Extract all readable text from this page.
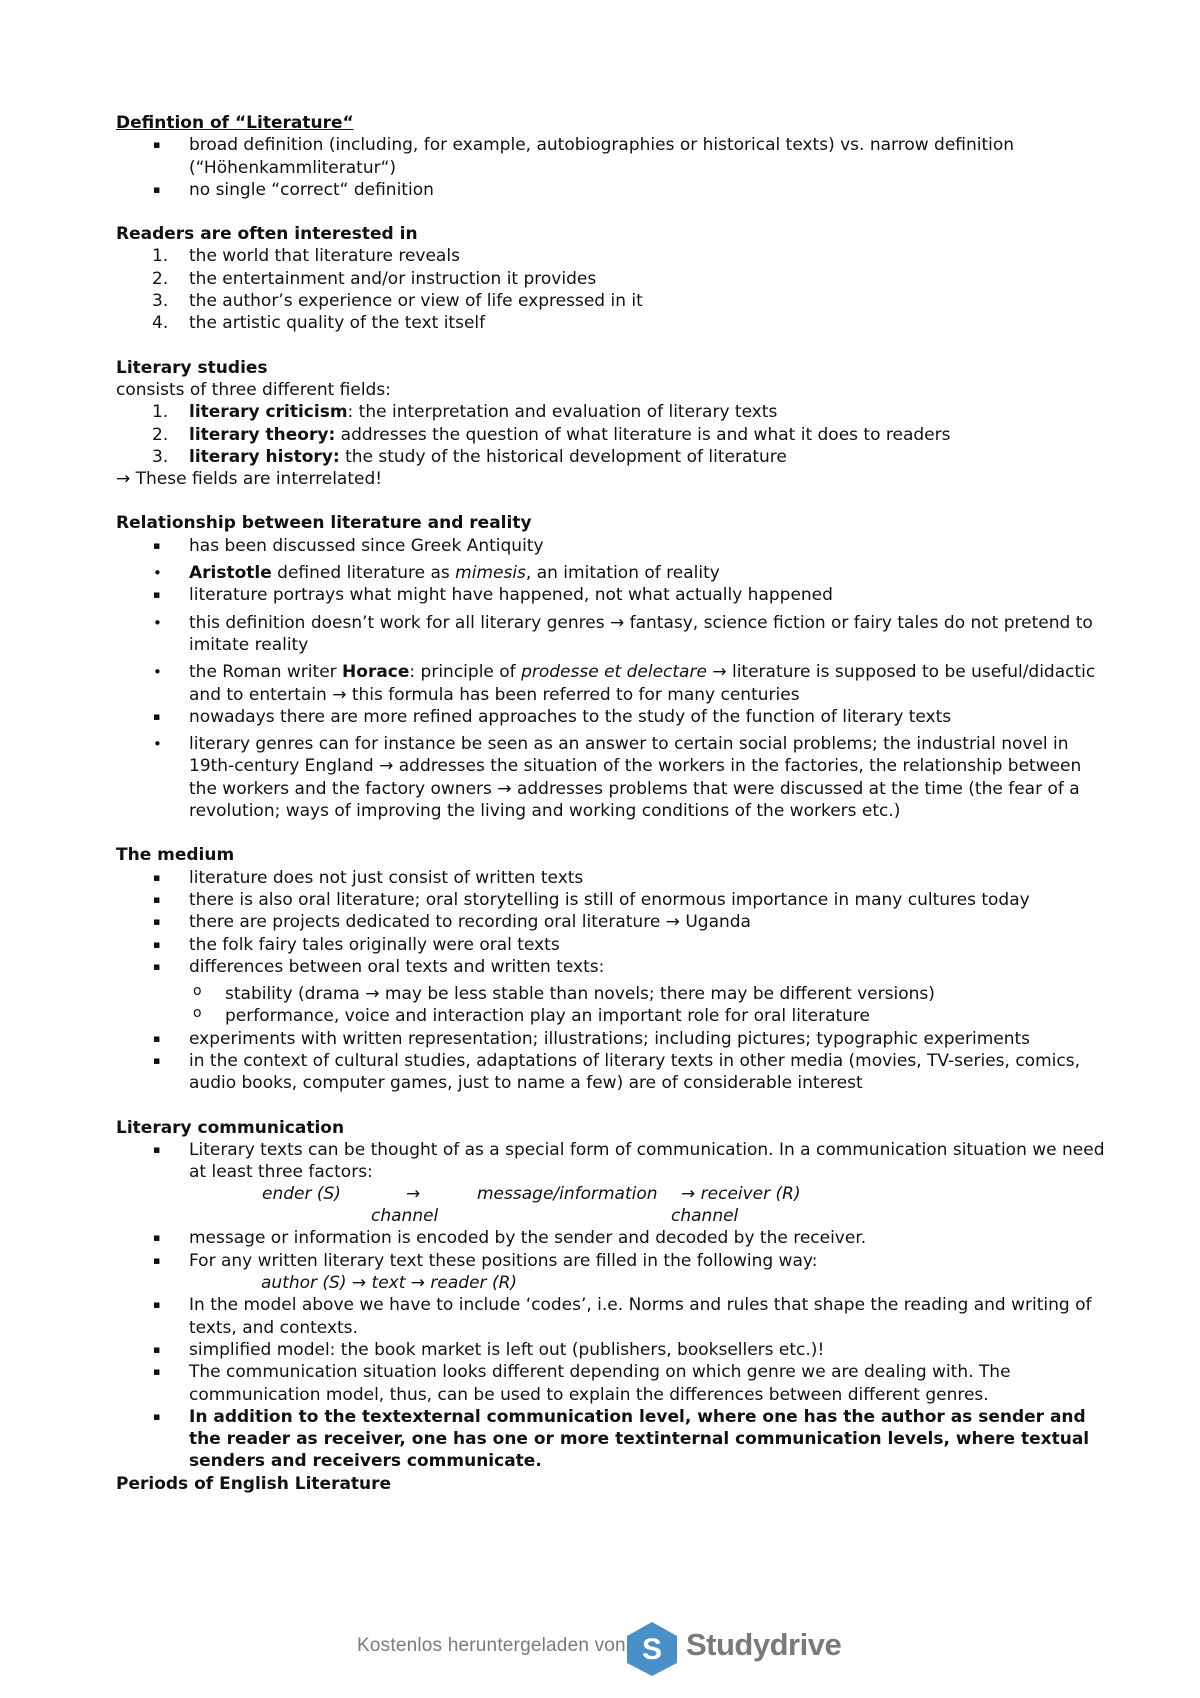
Defintion of “Literature“

▪ broad definition (including, for example, autobiographies or historical texts) vs. narrow definition (“Höhenkammliteratur“)
▪ no single “correct“ definition

Readers are often interested in

1. the world that literature reveals
2. the entertainment and/or instruction it provides
3. the author’s experience or view of life expressed in it
4. the artistic quality of the text itself

Literary studies

consists of three different fields:

1. literary criticism: the interpretation and evaluation of literary texts
2. literary theory: addresses the question of what literature is and what it does to readers
3. literary history: the study of the historical development of literature

→ These fields are interrelated!

Relationship between literature and reality

▪ has been discussed since Greek Antiquity
• Aristotle defined literature as mimesis, an imitation of reality
▪ literature portrays what might have happened, not what actually happened
• this definition doesn’t work for all literary genres → fantasy, science fiction or fairy tales do not pretend to imitate reality
• the Roman writer Horace: principle of prodesse et delectare → literature is supposed to be useful/didactic and to entertain → this formula has been referred to for many centuries
▪ nowadays there are more refined approaches to the study of the function of literary texts
• literary genres can for instance be seen as an answer to certain social problems; the industrial novel in 19th-century England → addresses the situation of the workers in the factories, the relationship between the workers and the factory owners → addresses problems that were discussed at the time (the fear of a revolution; ways of improving the living and working conditions of the workers etc.)

The medium

▪ literature does not just consist of written texts
▪ there is also oral literature; oral storytelling is still of enormous importance in many cultures today
▪ there are projects dedicated to recording oral literature → Uganda
▪ the folk fairy tales originally were oral texts
▪ differences between oral texts and written texts:
o stability (drama → may be less stable than novels; there may be different versions)
o performance, voice and interaction play an important role for oral literature
▪ experiments with written representation; illustrations; including pictures; typographic experiments
▪ in the context of cultural studies, adaptations of literary texts in other media (movies, TV-series, comics, audio books, computer games, just to name a few) are of considerable interest

Literary communication

▪ Literary texts can be thought of as a special form of communication. In a communication situation we need at least three factors:
ender (S)	→	message/information → receiver (R)
channel	channel
▪ message or information is encoded by the sender and decoded by the receiver.
▪ For any written literary text these positions are filled in the following way:

author (S) → text → reader (R)

▪ In the model above we have to include ‘codes’, i.e. Norms and rules that shape the reading and writing of texts, and contexts.
▪ simplified model: the book market is left out (publishers, booksellers etc.)!
▪ The communication situation looks different depending on which genre we are dealing with. The communication model, thus, can be used to explain the differences between different genres.
▪ In addition to the textexternal communication level, where one has the author as sender and the reader as receiver, one has one or more textinternal communication levels, where textual senders and receivers communicate.

Periods of English Literature

Kostenlos heruntergeladen von S Studydrive
